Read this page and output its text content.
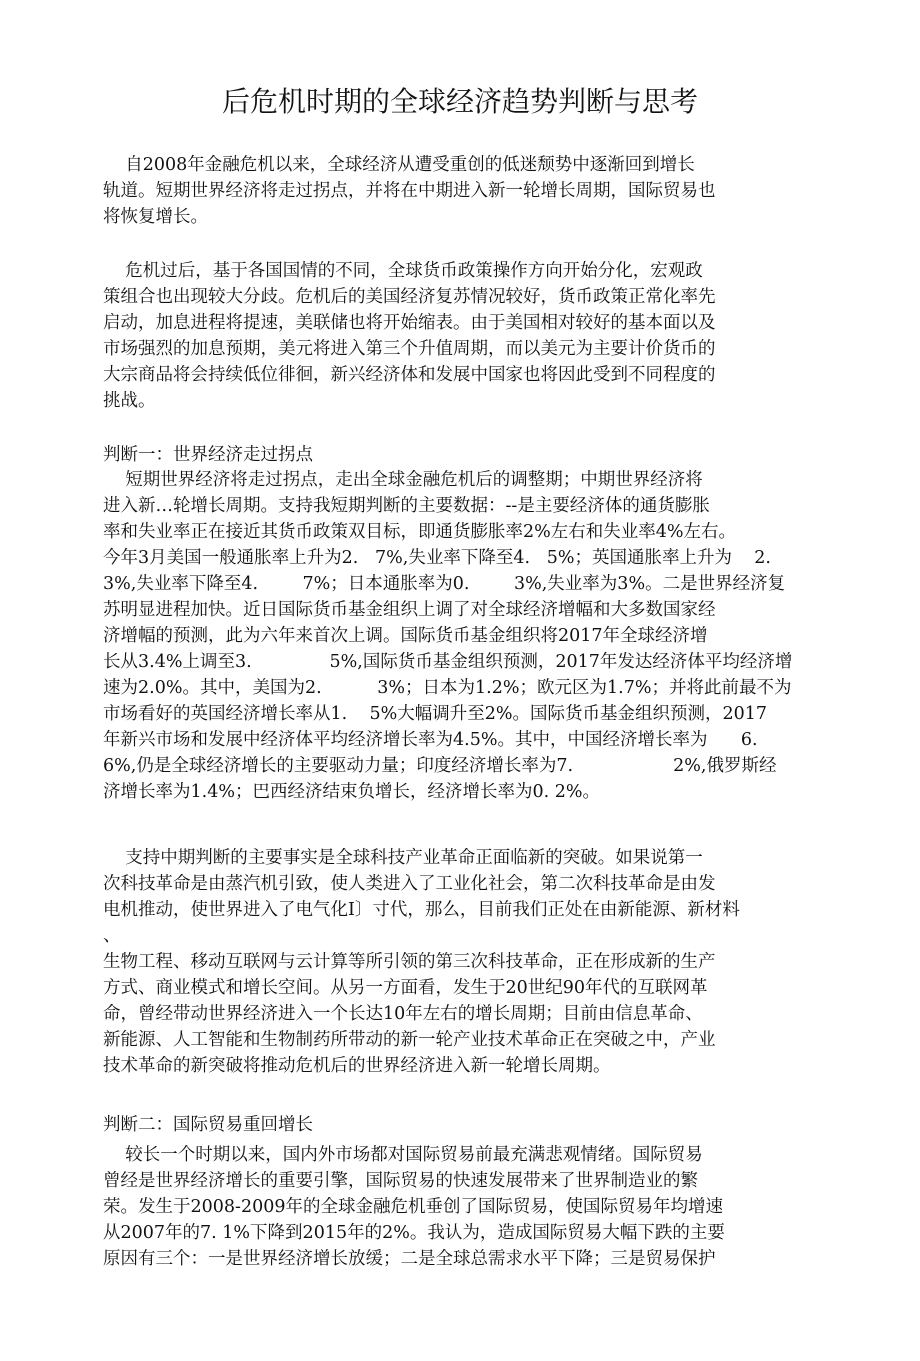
后危机时期的全球经济趋势判断与思考
自2008年金融危机以来，全球经济从遭受重创的低迷颓势中逐渐回到增长
轨道。短期世界经济将走过拐点，并将在中期进入新一轮增长周期，国际贸易也
将恢复增长。
危机过后，基于各国国情的不同，全球货币政策操作方向开始分化，宏观政
策组合也出现较大分歧。危机后的美国经济复苏情况较好，货币政策正常化率先
启动，加息进程将提速，美联储也将开始缩表。由于美国相对较好的基本面以及
市场强烈的加息预期，美元将进入第三个升值周期，而以美元为主要计价货币的
大宗商品将会持续低位徘徊，新兴经济体和发展中国家也将因此受到不同程度的
挑战。
判断一：世界经济走过拐点
短期世界经济将走过拐点，走出全球金融危机后的调整期；中期世界经济将
进入新…轮增长周期。支持我短期判断的主要数据：--是主要经济体的通货膨胀
率和失业率正在接近其货币政策双目标，即通货膨胀率2%左右和失业率4%左右。
今年3月美国一般通胀率上升为2.   7%,失业率下降至4.   5%；英国通胀率上升为    2.
3%,失业率下降至4.        7%；日本通胀率为0.        3%,失业率为3%。二是世界经济复
苏明显进程加快。近日国际货币基金组织上调了对全球经济增幅和大多数国家经
济增幅的预测，此为六年来首次上调。国际货币基金组织将2017年全球经济增
长从3.4%上调至3.              5%,国际货币基金组织预测，2017年发达经济体平均经济增
速为2.0%。其中，美国为2.          3%；日本为1.2%；欧元区为1.7%；并将此前最不为
市场看好的英国经济增长率从1.    5%大幅调升至2%。国际货币基金组织预测，2017
年新兴市场和发展中经济体平均经济增长率为4.5%。其中，中国经济增长率为      6.
6%,仍是全球经济增长的主要驱动力量；印度经济增长率为7.                  2%,俄罗斯经
济增长率为1.4%；巴西经济结束负增长，经济增长率为0. 2%。
支持中期判断的主要事实是全球科技产业革命正面临新的突破。如果说第一
次科技革命是由蒸汽机引致，使人类进入了工业化社会，第二次科技革命是由发
电机推动，使世界进入了电气化I〕寸代，那么，目前我们正处在由新能源、新材料
、
生物工程、移动互联网与云计算等所引领的第三次科技革命，正在形成新的生产
方式、商业模式和增长空间。从另一方面看，发生于20世纪90年代的互联网革
命，曾经带动世界经济进入一个长达10年左右的增长周期；目前由信息革命、
新能源、人工智能和生物制药所带动的新一轮产业技术革命正在突破之中，产业
技术革命的新突破将推动危机后的世界经济进入新一轮增长周期。
判断二：国际贸易重回增长
较长一个时期以来，国内外市场都对国际贸易前最充满悲观情绪。国际贸易
曾经是世界经济增长的重要引擎，国际贸易的快速发展带来了世界制造业的繁
荣。发生于2008-2009年的全球金融危机垂创了国际贸易，使国际贸易年均增速
从2007年的7. 1%下降到2015年的2%。我认为，造成国际贸易大幅下跌的主要
原因有三个：一是世界经济增长放缓；二是全球总需求水平下降；三是贸易保护
